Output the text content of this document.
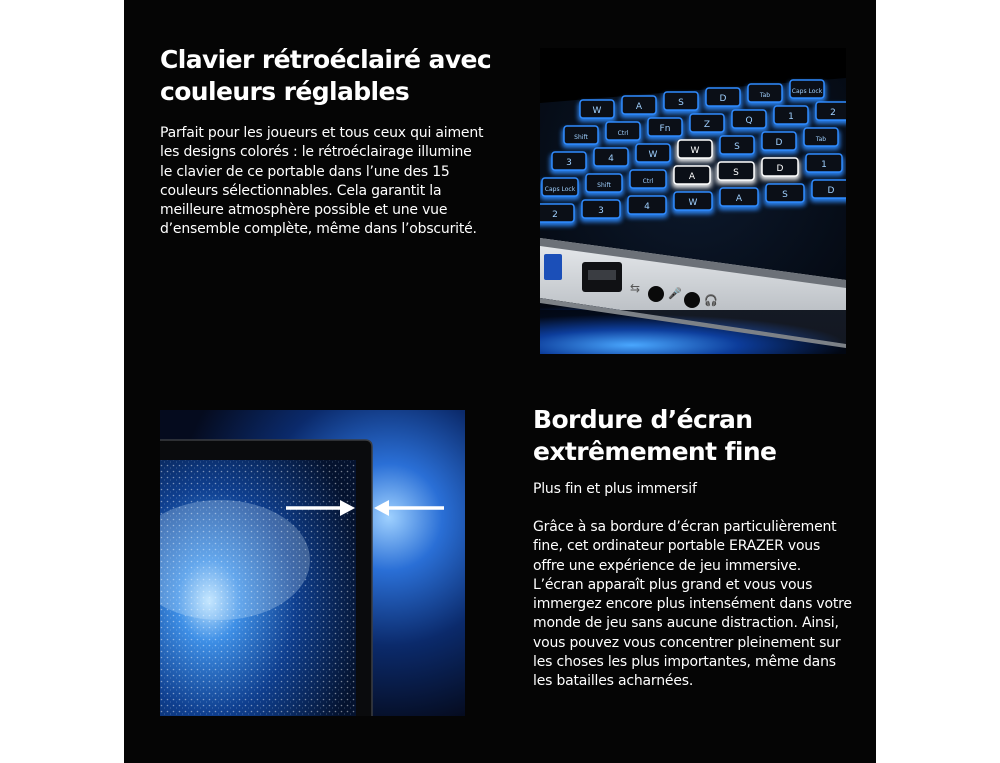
Clavier rétroéclairé avec
couleurs réglables

Parfait pour les joueurs et tous ceux qui aiment
les designs colorés : le rétroéclairage illumine
le clavier de ce portable dans l’une des 15
couleurs sélectionnables. Cela garantit la
meilleure atmosphère possible et une vue
d’ensemble complète, même dans l’obscurité.

W	A	S	D	Tab
Caps Lock
Shift
Ctrl	Fn	Z	Q	1	2
3	4	W	W	S	D	Tab
Caps Lock
Shift
Ctrl	A	S	D	1
2	3	4	W	A	S	D
⇆	🎤
🎧
Bordure d’écran
extrêmement fine

Plus fin et plus immersif

Grâce à sa bordure d’écran particulièrement
fine, cet ordinateur portable ERAZER vous
offre une expérience de jeu immersive.
L’écran apparaît plus grand et vous vous
immergez encore plus intensément dans votre
monde de jeu sans aucune distraction. Ainsi,
vous pouvez vous concentrer pleinement sur
les choses les plus importantes, même dans
les batailles acharnées.
